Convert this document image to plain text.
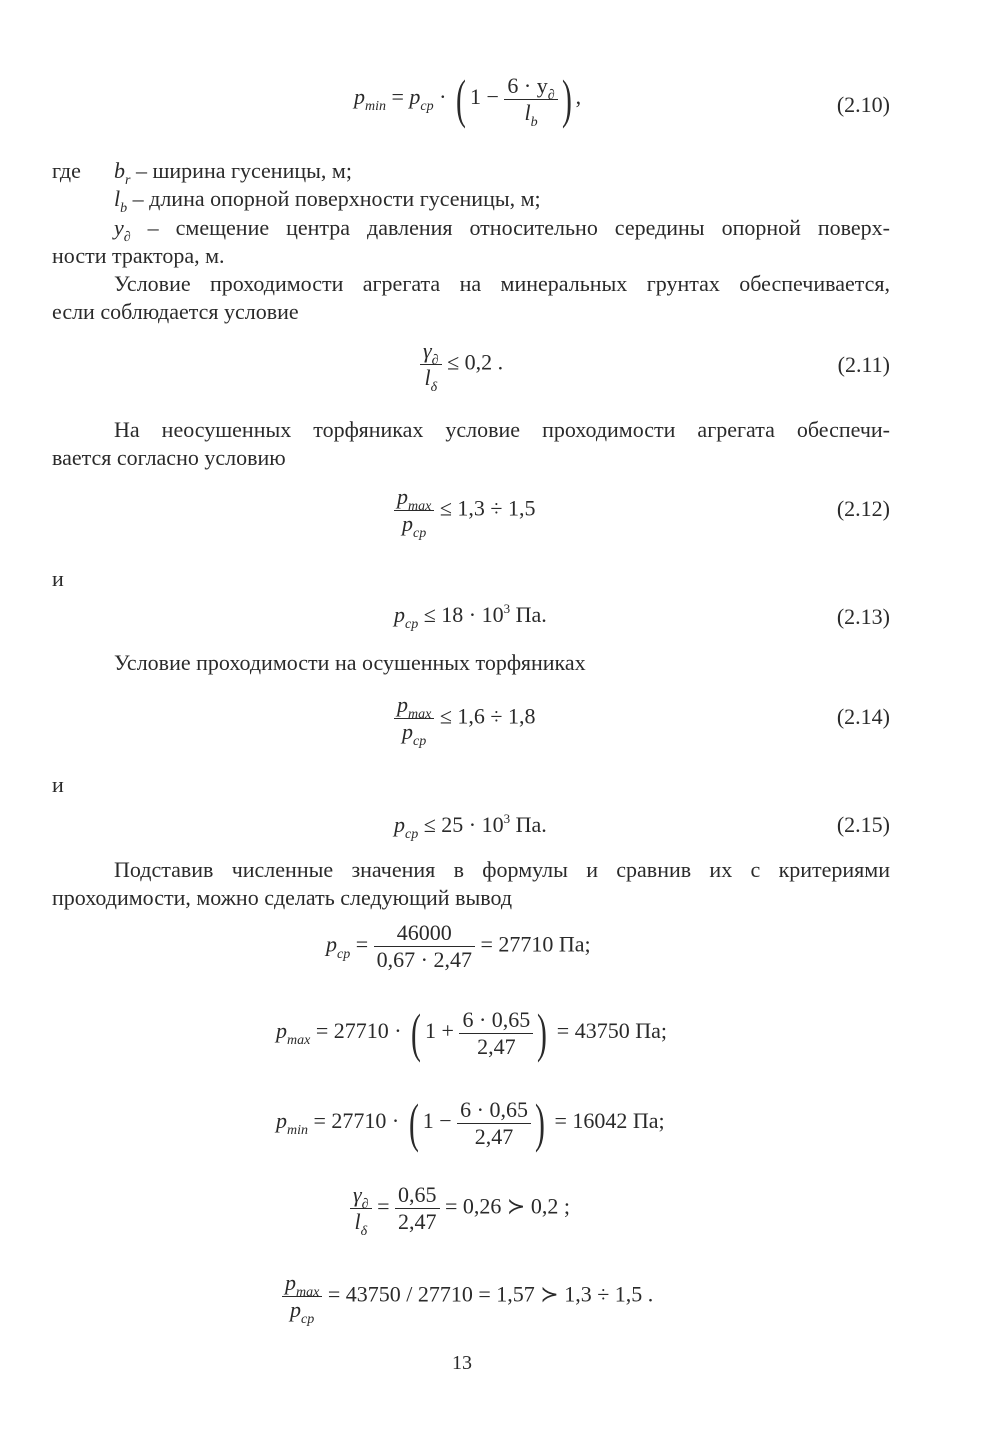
$p_{min} = p_{cp}$ · ( $1 - \frac{6 \cdot y_\partial}{l_b}$ ) ,	(2.10)
где $b_r$ – ширина гусеницы, м;
$l_b$ – длина опорной поверхности гусеницы, м;
$y_\partial$ – смещение центра давления относительно середины опорной поверх-
ности трактора, м.
Условие проходимости агрегата на минеральных грунтах обеспечивается,
если соблюдается условие
$\frac{\gamma_\partial}{l_\delta} \le 0,2$ .	(2.11)
На неосушенных торфяниках условие проходимости агрегата обеспечи-
вается согласно условию
$\frac{p_{max}}{p_{cp}} \le 1,3 \div 1,5$	(2.12)
и
$p_{cp} \le 18 \cdot 10^3$ Па.	(2.13)
Условие проходимости на осушенных торфяниках
$\frac{p_{max}}{p_{cp}} \le 1,6 \div 1,8$	(2.14)
и
$p_{cp} \le 25 \cdot 10^3$ Па.	(2.15)
Подставив численные значения в формулы и сравнив их с критериями
проходимости, можно сделать следующий вывод
$p_{cp} = \frac{46000}{0,67 \cdot 2,47} = 27710$ Па;
$p_{max} = 27710$ · ( $1 + \frac{6 \cdot 0,65}{2,47}$ ) = 43750 Па;
$p_{min} = 27710$ · ( $1 - \frac{6 \cdot 0,65}{2,47}$ ) = 16042 Па;
$\frac{\gamma_\partial}{l_\delta} = \frac{0,65}{2,47} = 0,26$ ≻ 0,2 ;
$\frac{p_{max}}{p_{cp}} = 43750 / 27710 = 1,57$ ≻ 1,3 ÷ 1,5 .
13
